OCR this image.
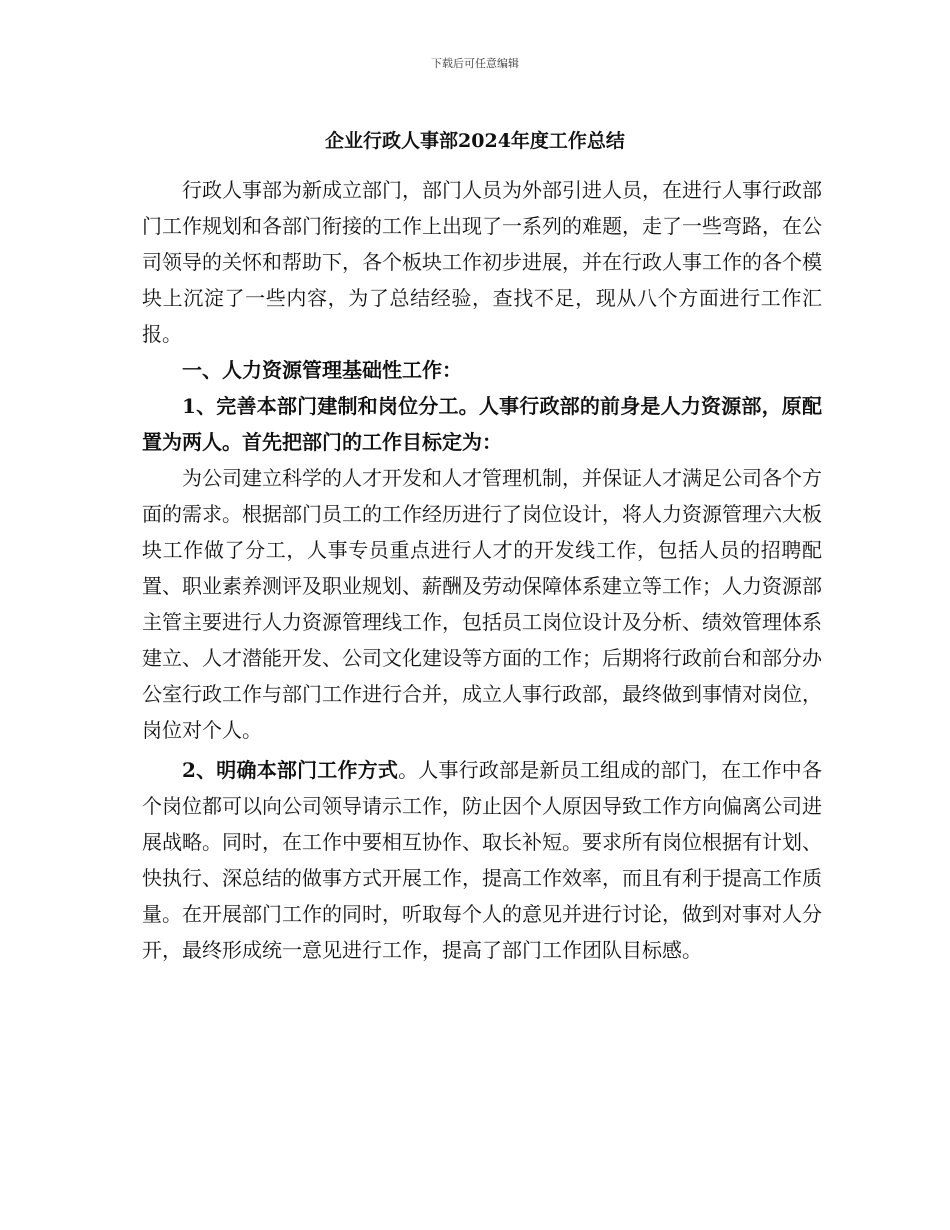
下载后可任意编辑
企业行政人事部2024年度工作总结

行政人事部为新成立部门，部门人员为外部引进人员，在进行人事行政部门工作规划和各部门衔接的工作上出现了一系列的难题，走了一些弯路，在公司领导的关怀和帮助下，各个板块工作初步进展，并在行政人事工作的各个模块上沉淀了一些内容，为了总结经验，查找不足，现从八个方面进行工作汇报。

一、人力资源管理基础性工作：

1、完善本部门建制和岗位分工。人事行政部的前身是人力资源部，原配置为两人。首先把部门的工作目标定为：

为公司建立科学的人才开发和人才管理机制，并保证人才满足公司各个方面的需求。根据部门员工的工作经历进行了岗位设计，将人力资源管理六大板块工作做了分工，人事专员重点进行人才的开发线工作，包括人员的招聘配置、职业素养测评及职业规划、薪酬及劳动保障体系建立等工作；人力资源部主管主要进行人力资源管理线工作，包括员工岗位设计及分析、绩效管理体系建立、人才潜能开发、公司文化建设等方面的工作；后期将行政前台和部分办公室行政工作与部门工作进行合并，成立人事行政部，最终做到事情对岗位，岗位对个人。

2、明确本部门工作方式。人事行政部是新员工组成的部门，在工作中各个岗位都可以向公司领导请示工作，防止因个人原因导致工作方向偏离公司进展战略。同时，在工作中要相互协作、取长补短。要求所有岗位根据有计划、快执行、深总结的做事方式开展工作，提高工作效率，而且有利于提高工作质量。在开展部门工作的同时，听取每个人的意见并进行讨论，做到对事对人分开，最终形成统一意见进行工作，提高了部门工作团队目标感。
